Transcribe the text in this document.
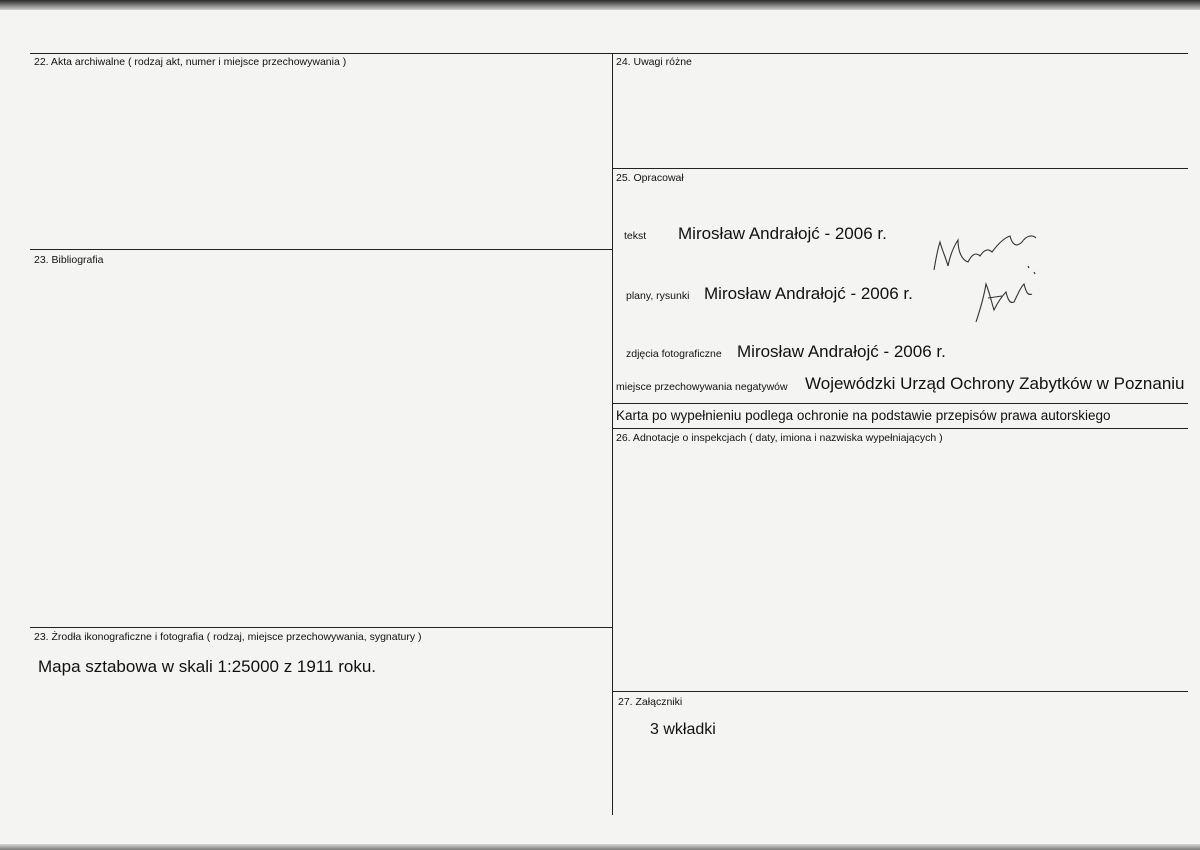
22. Akta archiwalne ( rodzaj akt, numer i miejsce przechowywania )
23. Bibliografia
23. Żrodła ikonograficzne i fotografia ( rodzaj, miejsce przechowywania, sygnatury )
Mapa sztabowa w skali 1:25000 z 1911 roku.
24. Uwagi różne
25. Opracował
tekst Mirosław Andrałojć - 2006 r.
plany, rysunki Mirosław Andrałojć - 2006 r.
zdjęcia fotograficzne Mirosław Andrałojć - 2006 r.
miejsce przechowywania negatywów Wojewódzki Urząd Ochrony Zabytków w Poznaniu
Karta po wypełnieniu podlega ochronie na podstawie przepisów prawa autorskiego
26. Adnotacje o inspekcjach ( daty, imiona i nazwiska wypełniających )
27. Załączniki
3 wkładki
